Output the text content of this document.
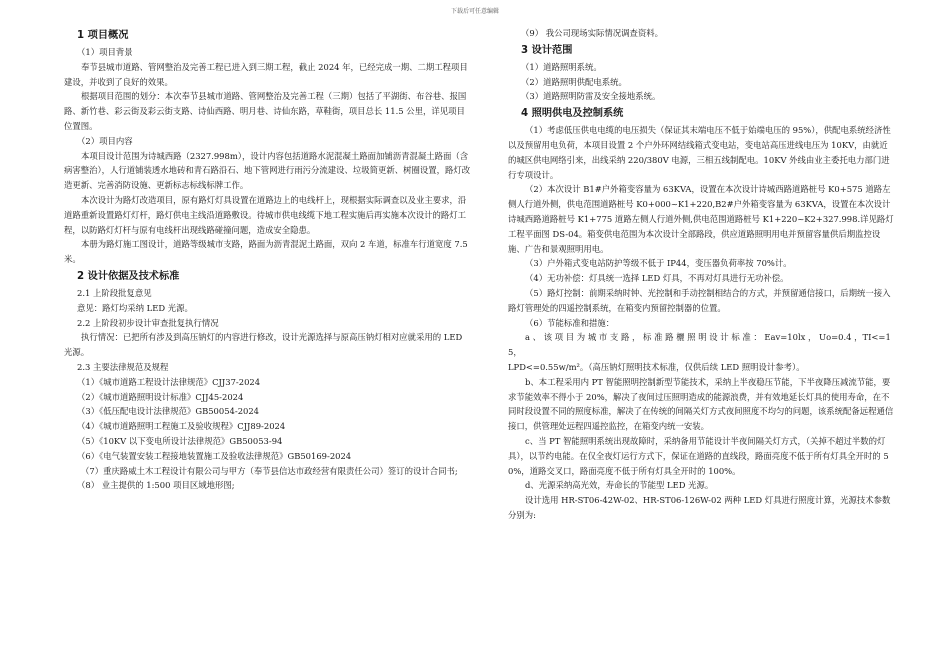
下载后可任意编辑
1 项目概况

（1）项目背景

奉节县城市道路、管网整治及完善工程已进入到三期工程，截止 2024 年，已经完成一期、二期工程项目建设，并收到了良好的效果。

根据项目范围的划分：本次奉节县城市道路、管网整治及完善工程（三期）包括了平湖街、布谷巷、报国路、新竹巷、彩云街及彩云街支路、诗仙西路、明月巷、诗仙东路，草鞋街，项目总长 11.5 公里，详见项目位置图。

（2）项目内容

本项目设计范围为诗城西路（2327.998m），设计内容包括道路水泥混凝土路面加铺沥青混凝土路面（含病害整治），人行道铺装透水地砖和青石路沿石、地下管网进行雨污分流建设、垃圾简更新、树圈设置，路灯改造更新、完善消防设施、更新标志标线标牌工作。

本次设计为路灯改造项目，原有路灯灯具设置在道路边上的电线杆上，现根据实际调查以及业主要求，沿道路重新设置路灯灯杆，路灯供电主线沿道路敷设。待城市供电线缆下地工程实施后再实施本次设计的路灯工程，以防路灯灯杆与原有电线杆出现线路碰撞问题，造成安全隐患。

本册为路灯施工图设计，道路等级城市支路，路面为沥青混泥土路面，双向 2 车道，标准车行道宽度 7.5 米。

2 设计依据及技术标准

2.1 上阶段批复意见

意见：路灯均采纳 LED 光源。

2.2 上阶段初步设计审查批复执行情况

执行情况：已把所有涉及到高压钠灯的内容进行修改，设计光源选择与原高压钠灯相对应就采用的 LED 光源。

2.3 主要法律规范及规程

（1）《城市道路工程设计法律规范》CJJ37-2024

（2）《城市道路照明设计标准》CJJ45-2024

（3）《低压配电设计法律规范》GB50054-2024

（4）《城市道路照明工程施工及验收规程》CJJ89-2024

（5）《10KV 以下变电所设计法律规范》GB50053-94

（6）《电气装置安装工程接地装置施工及验收法律规范》GB50169-2024

（7）重庆路威土木工程设计有限公司与甲方（奉节县信达市政经营有限责任公司）签订的设计合同书;

（8） 业主提供的 1:500 项目区域地形图;

（9） 我公司现场实际情况调查资料。

3 设计范围

（1）道路照明系统。

（2）道路照明供配电系统。

（3）道路照明防雷及安全接地系统。

4 照明供电及控制系统

（1）考虑低压供电电缆的电压损失（保证其末端电压不低于始端电压的 95%），供配电系统经济性以及预留用电负荷，本项目设置 2 个户外环网结线箱式变电站，变电站高压进线电压为 10KV，由就近的城区供电网络引来，出线采纳 220/380V 电源，三相五线制配电。10KV 外线由业主委托电力部门进行专项设计。

（2）本次设计 B1#户外箱变容量为 63KVA，设置在本次设计诗城西路道路桩号 K0+575 道路左侧人行道外侧，供电范围道路桩号 K0+000~K1+220,B2#户外箱变容量为 63KVA，设置在本次设计诗城西路道路桩号 K1+775 道路左侧人行道外侧,供电范围道路桩号 K1+220~K2+327.998.详见路灯工程平面图 DS-04。箱变供电范围为本次设计全部路段，供应道路照明用电并预留容量供后期监控设施、广告和景观照明用电。

（3）户外箱式变电站防护等级不低于 IP44，变压器负荷率按 70%计。

（4）无功补偿：灯具统一选择 LED 灯具，不再对灯具进行无功补偿。

（5）路灯控制：前期采纳时钟、光控制和手动控制相结合的方式，并预留通信接口，后期统一接入路灯管理处的四遥控制系统，在箱变内预留控制器的位置。

（6）节能标准和措施：

a 、 该 项 目 为 城 市 支 路 ， 标 准 路 欐 照 明 设 计 标 准 ： Eav=10lx ， Uo=0.4 ，TI<=15，

LPD<=0.55w/m²。（高压钠灯照明技术标准，仅供后续 LED 照明设计参考）。

b、本工程采用内 PT 智能照明控制新型节能技术，采纳上半夜稳压节能，下半夜降压减流节能，要求节能效率不得小于 20%，解决了夜间过压照明造成的能源浪费，并有效地延长灯具的使用寿命，在不同时段设置不同的照度标准，解决了在传统的间隔关灯方式夜间照度不均匀的问题，该系统配备远程通信接口，供管理处远程四遥控监控，在箱变内统一安装。

c、当 PT 智能照明系统出现故障时，采纳备用节能设计半夜间隔关灯方式，（关掉不超过半数的灯具），以节约电能。在仅全夜灯运行方式下，保证在道路的直线段，路面亮度不低于所有灯具全开时的 50%，道路交叉口，路面亮度不低于所有灯具全开时的 100%。

d、光源采纳高光效，寿命长的节能型 LED 光源。

设计选用 HR-ST06-42W-02、HR-ST06-126W-02 两种 LED 灯具进行照度计算，光源技术参数分别为:
